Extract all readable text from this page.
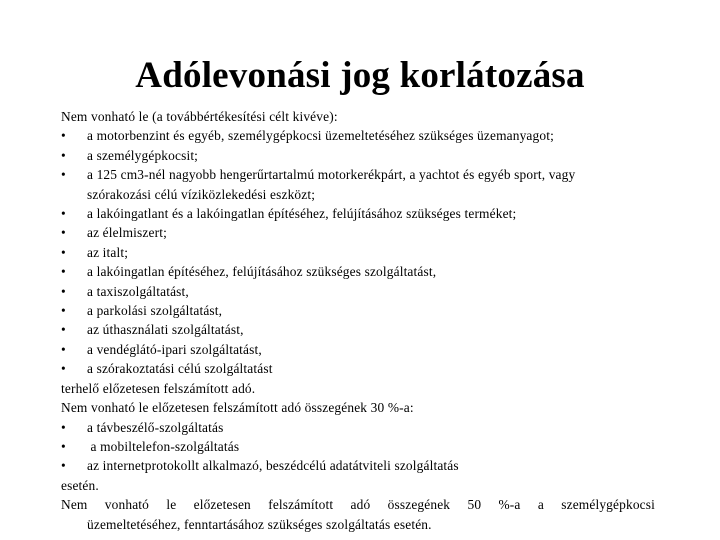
Adólevonási jog korlátozása
Nem vonható le (a továbbértékesítési célt kivéve):
• a motorbenzint és egyéb, személygépkocsi üzemeltetéséhez szükséges üzemanyagot;
• a személygépkocsit;
• a 125 cm3-nél nagyobb hengerűrtartalmú motorkerékpárt, a yachtot és egyéb sport, vagy
szórakozási célú víziközlekedési eszközt;
• a lakóingatlant és a lakóingatlan építéséhez, felújításához szükséges terméket;
• az élelmiszert;
• az italt;
• a lakóingatlan építéséhez, felújításához szükséges szolgáltatást,
• a taxiszolgáltatást,
• a parkolási szolgáltatást,
• az úthasználati szolgáltatást,
• a vendéglátó-ipari szolgáltatást,
• a szórakoztatási célú szolgáltatást
terhelő előzetesen felszámított adó.
Nem vonható le előzetesen felszámított adó összegének 30 %-a:
• a távbeszélő-szolgáltatás
• a mobiltelefon-szolgáltatás
• az internetprotokollt alkalmazó, beszédcélú adatátviteli szolgáltatás
esetén.
Nem vonható le előzetesen felszámított adó összegének 50 %-a a személygépkocsi
üzemeltetéséhez, fenntartásához szükséges szolgáltatás esetén.
